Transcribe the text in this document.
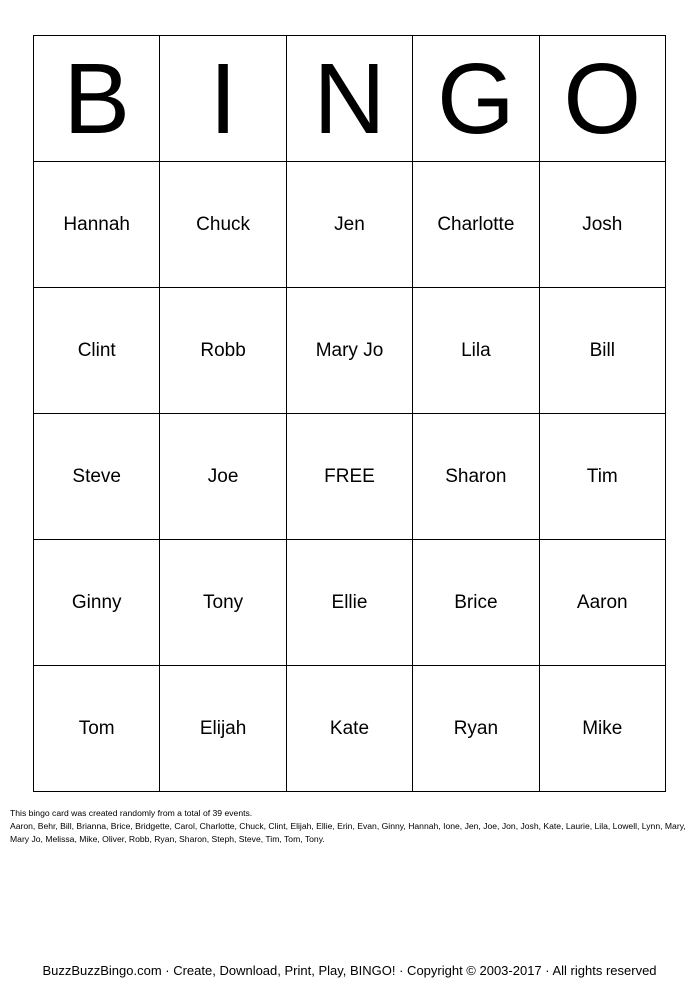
B	I	N	G	O
Hannah	Chuck	Jen	Charlotte	Josh
Clint	Robb	Mary Jo	Lila	Bill
Steve	Joe	FREE	Sharon	Tim
Ginny	Tony	Ellie	Brice	Aaron
Tom	Elijah	Kate	Ryan	Mike
This bingo card was created randomly from a total of 39 events.
Aaron, Behr, Bill, Brianna, Brice, Bridgette, Carol, Charlotte, Chuck, Clint, Elijah, Ellie, Erin, Evan, Ginny, Hannah, Ione, Jen, Joe, Jon, Josh, Kate, Laurie, Lila, Lowell, Lynn, Mary, Mary Jo, Melissa, Mike, Oliver, Robb, Ryan, Sharon, Steph, Steve, Tim, Tom, Tony.
BuzzBuzzBingo.com · Create, Download, Print, Play, BINGO! · Copyright © 2003-2017 · All rights reserved
